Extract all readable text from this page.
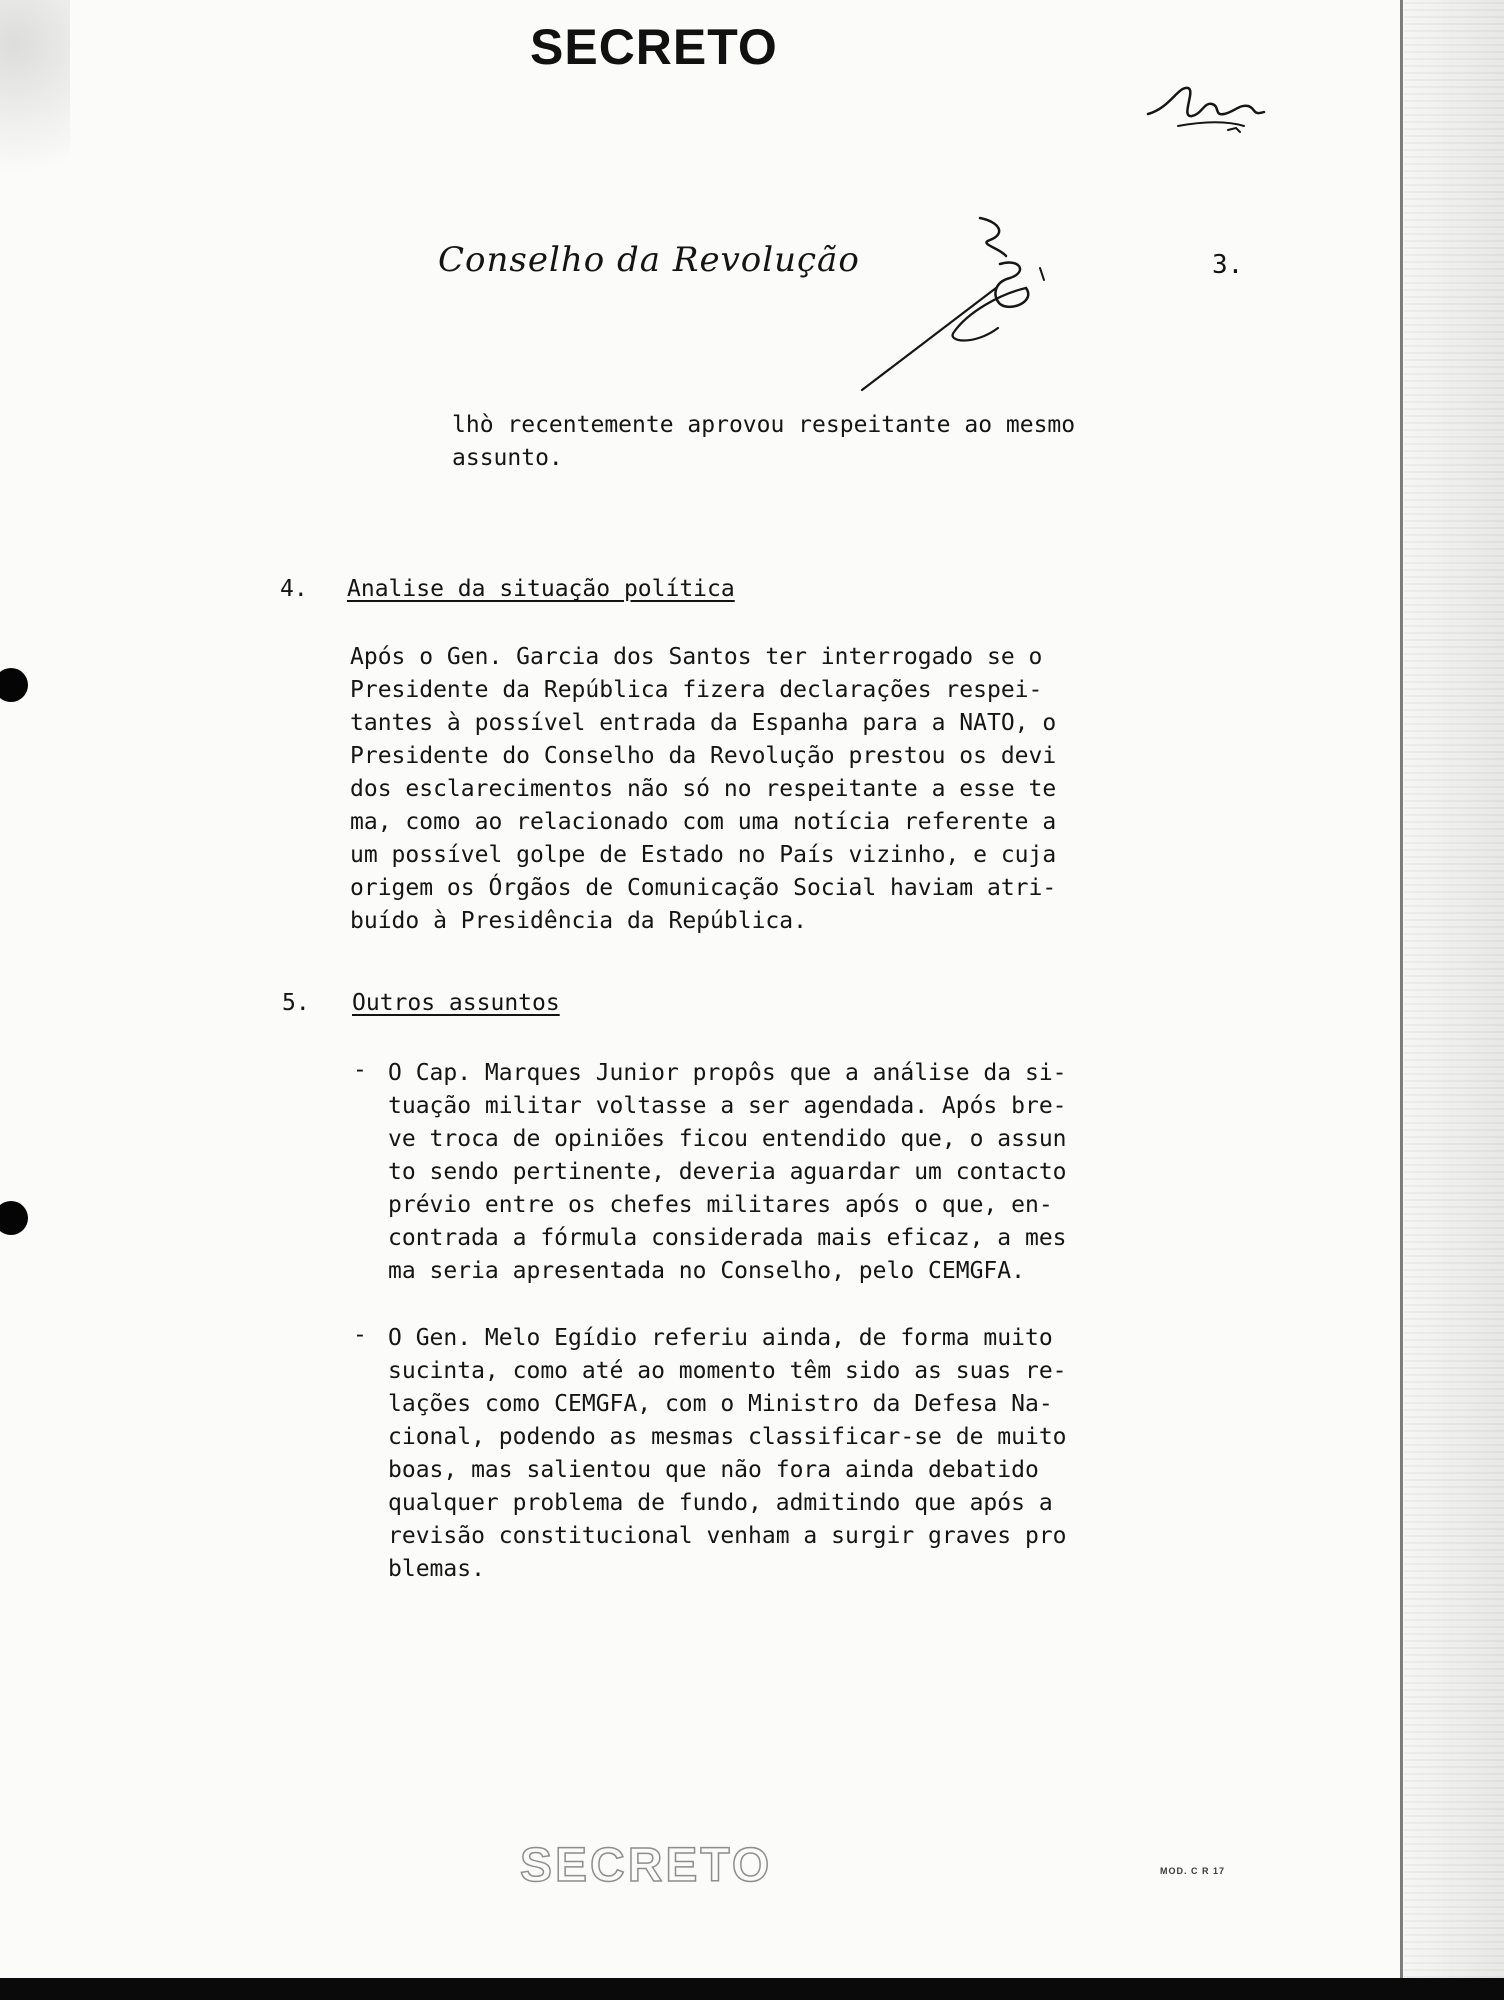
SECRETO
Conselho da Revolução	3.
lhò recentemente aprovou respeitante ao mesmo
assunto.
4. Analise da situação política
Após o Gen. Garcia dos Santos ter interrogado se o
Presidente da República fizera declarações respei-
tantes à possível entrada da Espanha para a NATO, o
Presidente do Conselho da Revolução prestou os devi
dos esclarecimentos não só no respeitante a esse te
ma, como ao relacionado com uma notícia referente a
um possível golpe de Estado no País vizinho, e cuja
origem os Órgãos de Comunicação Social haviam atri-
buído à Presidência da República.
5. Outros assuntos
- O Cap. Marques Junior propôs que a análise da si-
tuação militar voltasse a ser agendada. Após bre-
ve troca de opiniões ficou entendido que, o assun
to sendo pertinente, deveria aguardar um contacto
prévio entre os chefes militares após o que, en-
contrada a fórmula considerada mais eficaz, a mes
ma seria apresentada no Conselho, pelo CEMGFA.
- O Gen. Melo Egídio referiu ainda, de forma muito
sucinta, como até ao momento têm sido as suas re-
lações como CEMGFA, com o Ministro da Defesa Na-
cional, podendo as mesmas classificar-se de muito
boas, mas salientou que não fora ainda debatido
qualquer problema de fundo, admitindo que após a
revisão constitucional venham a surgir graves pro
blemas.
SECRETO	MOD. C R 17
